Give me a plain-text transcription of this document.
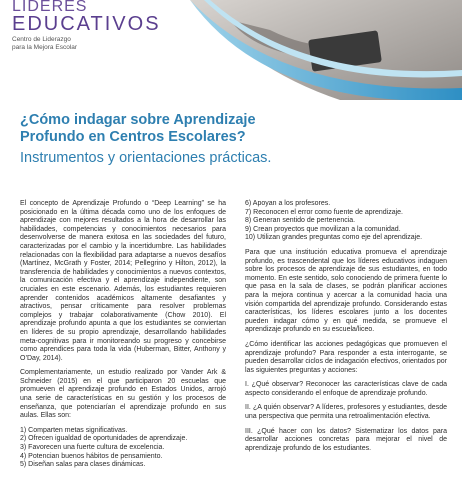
LIDERES
EDUCATIVOS
Centro de Liderazgo
para la Mejora Escolar
¿Cómo indagar sobre Aprendizaje Profundo en Centros Escolares?
Instrumentos y orientaciones prácticas.

El concepto de Aprendizaje Profundo o “Deep Learning” se ha posicionado en la última década como uno de los enfoques de aprendizaje con mejores resultados a la hora de desarrollar las habilidades, competencias y conocimientos necesarios para desenvolverse de manera exitosa en las sociedades del futuro, caracterizadas por el cambio y la incertidumbre. Las habilidades relacionadas con la flexibilidad para adaptarse a nuevos desafíos (Martínez, McGrath y Foster, 2014; Pellegrino y Hilton, 2012), la transferencia de habilidades y conocimientos a nuevos contextos, la comunicación efectiva y el aprendizaje independiente, son cruciales en este escenario. Además, los estudiantes requieren aprender contenidos académicos altamente desafiantes y atractivos, pensar críticamente para resolver problemas complejos y trabajar colaborativamente (Chow 2010). El aprendizaje profundo apunta a que los estudiantes se conviertan en líderes de su propio aprendizaje, desarrollando habilidades meta-cognitivas para ir monitoreando su progreso y concebirse como aprendices para toda la vida (Huberman, Bitter, Anthony y O’Day, 2014).

Complementariamente, un estudio realizado por Vander Ark & Schneider (2015) en el que participaron 20 escuelas que promueven el aprendizaje profundo en Estados Unidos, arrojó una serie de características en su gestión y los procesos de enseñanza, que potenciarían el aprendizaje profundo en sus aulas. Ellas son:

1) Comparten metas significativas.
2) Ofrecen igualdad de oportunidades de aprendizaje.
3) Favorecen una fuerte cultura de excelencia.
4) Potencian buenos hábitos de pensamiento.
5) Diseñan salas para clases dinámicas.
6) Apoyan a los profesores.
7) Reconocen el error como fuente de aprendizaje.
8) Generan sentido de pertenencia.
9) Crean proyectos que movilizan a la comunidad.
10) Utilizan grandes preguntas como eje del aprendizaje.

Para que una institución educativa promueva el aprendizaje profundo, es trascendental que los líderes educativos indaguen sobre los procesos de aprendizaje de sus estudiantes, en todo momento. En este sentido, solo conociendo de primera fuente lo que pasa en la sala de clases, se podrán planificar acciones para la mejora continua y acercar a la comunidad hacia una visión compartida del aprendizaje profundo. Considerando estas características, los líderes escolares junto a los docentes pueden indagar cómo y en qué medida, se promueve el aprendizaje profundo en su escuela/liceo.

¿Cómo identificar las acciones pedagógicas que promueven el aprendizaje profundo? Para responder a esta interrogante, se pueden desarrollar ciclos de indagación efectivos, orientados por las siguientes preguntas y acciones:

I. ¿Qué observar? Reconocer las características clave de cada aspecto considerando el enfoque de aprendizaje profundo.

II. ¿A quién observar? A líderes, profesores y estudiantes, desde una perspectiva que permita una retroalimentación efectiva.

III. ¿Qué hacer con los datos? Sistematizar los datos para desarrollar acciones concretas para mejorar el nivel de aprendizaje profundo de los estudiantes.
